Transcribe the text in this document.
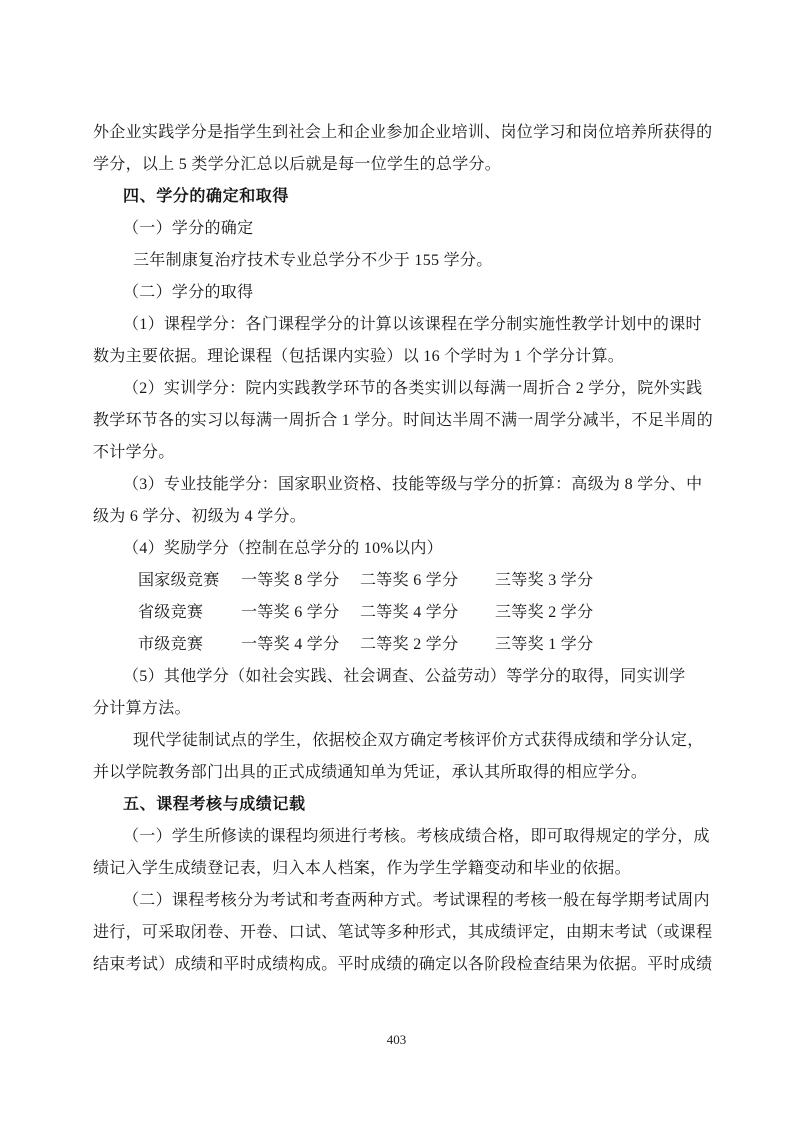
外企业实践学分是指学生到社会上和企业参加企业培训、岗位学习和岗位培养所获得的

学分，以上 5 类学分汇总以后就是每一位学生的总学分。

四、学分的确定和取得

（一）学分的确定

三年制康复治疗技术专业总学分不少于 155 学分。

（二）学分的取得

（1）课程学分：各门课程学分的计算以该课程在学分制实施性教学计划中的课时

数为主要依据。理论课程（包括课内实验）以 16 个学时为 1 个学分计算。

（2）实训学分：院内实践教学环节的各类实训以每满一周折合 2 学分，院外实践

教学环节各的实习以每满一周折合 1 学分。时间达半周不满一周学分减半，不足半周的

不计学分。

（3）专业技能学分：国家职业资格、技能等级与学分的折算：高级为 8 学分、中

级为 6 学分、初级为 4 学分。

（4）奖励学分（控制在总学分的 10%以内）

国家级竞赛	一等奖 8 学分	二等奖 6 学分	三等奖 3 学分
省级竞赛	一等奖 6 学分	二等奖 4 学分	三等奖 2 学分
市级竞赛	一等奖 4 学分	二等奖 2 学分	三等奖 1 学分

（5）其他学分（如社会实践、社会调查、公益劳动）等学分的取得，同实训学

分计算方法。

现代学徒制试点的学生，依据校企双方确定考核评价方式获得成绩和学分认定，

并以学院教务部门出具的正式成绩通知单为凭证，承认其所取得的相应学分。

五、课程考核与成绩记载

（一）学生所修读的课程均须进行考核。考核成绩合格，即可取得规定的学分，成

绩记入学生成绩登记表，归入本人档案，作为学生学籍变动和毕业的依据。

（二）课程考核分为考试和考查两种方式。考试课程的考核一般在每学期考试周内

进行，可采取闭卷、开卷、口试、笔试等多种形式，其成绩评定，由期末考试（或课程

结束考试）成绩和平时成绩构成。平时成绩的确定以各阶段检查结果为依据。平时成绩

403
